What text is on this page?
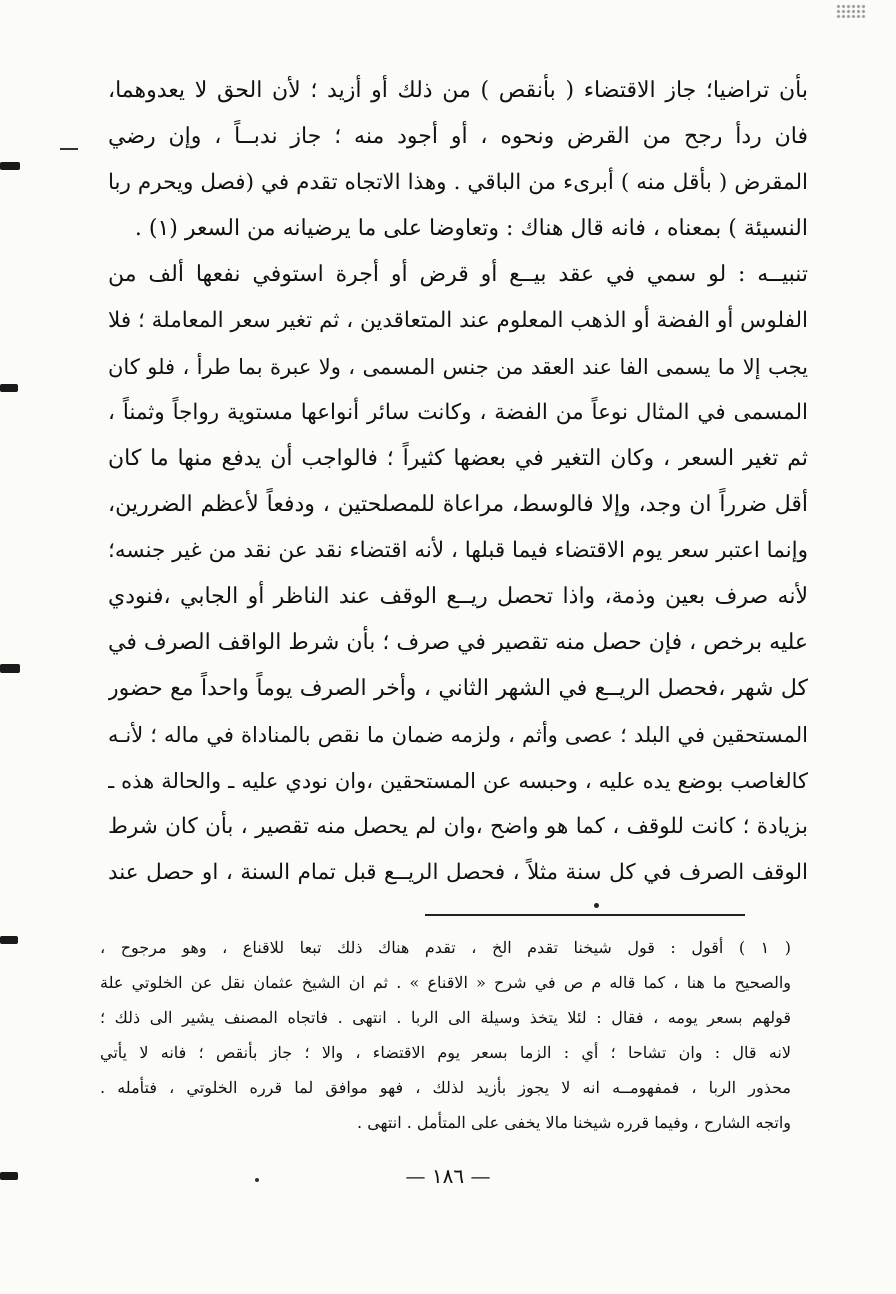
بأن تراضيا؛ جاز الاقتضاء ( بأنقص ) من ذلك أو أزيد ؛ لأن الحق لا يعدوهما،
فان ردأ رجح من القرض ونحوه ، أو أجود منه ؛ جاز ندبــاً ، وإن رضي
المقرض ( بأقل منه ) أبرىء من الباقي . وهذا الاتجاه تقدم في (فصل ويحرم ربا
النسيئة ) بمعناه ، فانه قال هناك : وتعاوضا على ما يرضيانه من السعر (١) .
تنبيــه : لو سمي في عقد بيــع أو قرض أو أجرة استوفي نفعها ألف من
الفلوس أو الفضة أو الذهب المعلوم عند المتعاقدين ، ثم تغير سعر المعاملة ؛ فلا
يجب إلا ما يسمى الفا عند العقد من جنس المسمى ، ولا عبرة بما طرأ ، فلو كان
المسمى في المثال نوعاً من الفضة ، وكانت سائر أنواعها مستوية رواجاً وثمناً ،
ثم تغير السعر ، وكان التغير في بعضها كثيراً ؛ فالواجب أن يدفع منها ما كان
أقل ضرراً ان وجد، وإلا فالوسط، مراعاة للمصلحتين ، ودفعاً لأعظم الضررين،
وإنما اعتبر سعر يوم الاقتضاء فيما قبلها ، لأنه اقتضاء نقد عن نقد من غير جنسه؛
لأنه صرف بعين وذمة، واذا تحصل ريــع الوقف عند الناظر أو الجابي ،فنودي
عليه برخص ، فإن حصل منه تقصير في صرف ؛ بأن شرط الواقف الصرف في
كل شهر ،فحصل الريــع في الشهر الثاني ، وأخر الصرف يوماً واحداً مع حضور
المستحقين في البلد ؛ عصى وأثم ، ولزمه ضمان ما نقص بالمناداة في ماله ؛ لأنـه
كالغاصب بوضع يده عليه ، وحبسه عن المستحقين ،وان نودي عليه ـ والحالة هذه ـ
بزيادة ؛ كانت للوقف ، كما هو واضح ،وان لم يحصل منه تقصير ، بأن كان شرط
الوقف الصرف في كل سنة مثلاً ، فحصل الريــع قبل تمام السنة ، او حصل عند
( ١ ) أقول : قول شيخنا تقدم الخ ، تقدم هناك ذلك تبعا للاقناع ، وهو مرجوح ،
والصحيح ما هنا ، كما قاله م ص في شرح « الاقناع » . ثم ان الشيخ عثمان نقل عن الخلوتي علة
قولهم بسعر يومه ، فقال : لئلا يتخذ وسيلة الى الربا . انتهى . فاتجاه المصنف يشير الى ذلك ؛
لانه قال : وان تشاحا ؛ أي : الزما بسعر يوم الاقتضاء ، والا ؛ جاز بأنقص ؛ فانه لا يأتي
محذور الربا ، فمفهومــه انه لا يجوز بأزيد لذلك ، فهو موافق لما قرره الخلوتي ، فتأمله .
واتجه الشارح ، وفيما قرره شيخنا مالا يخفى على المتأمل . انتهى .
— ١٨٦ —
